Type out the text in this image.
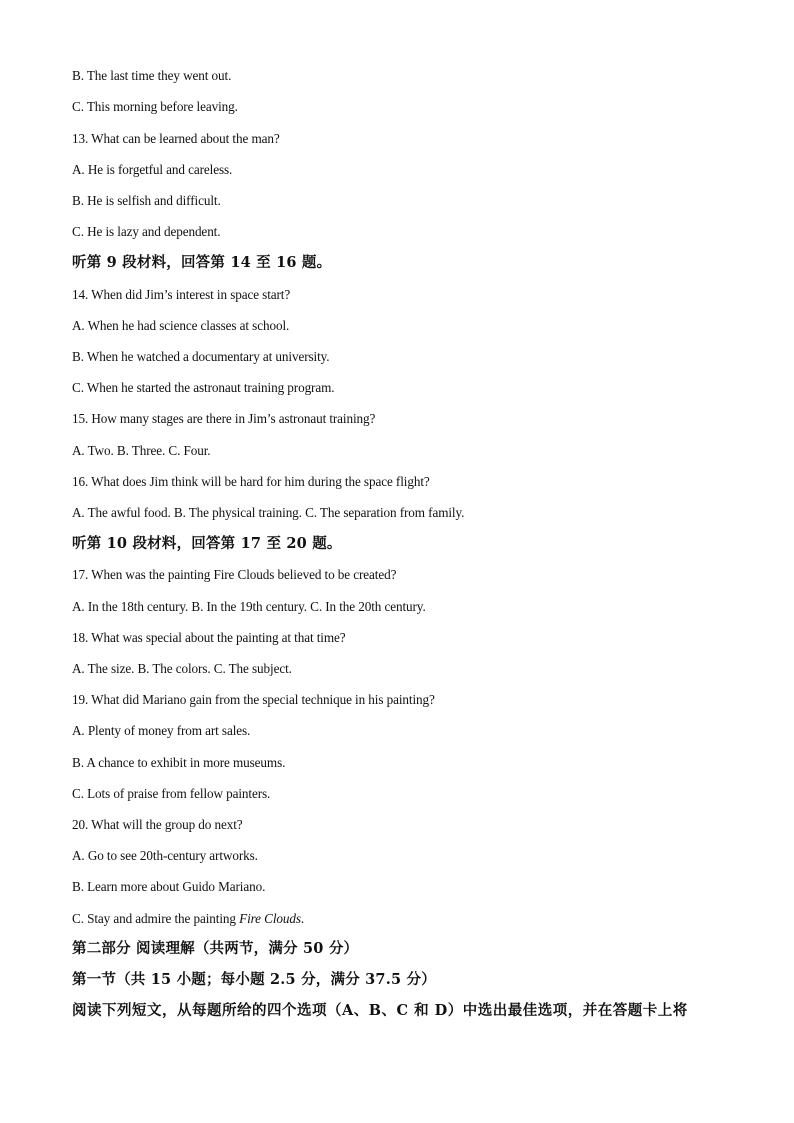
B. The last time they went out.
C. This morning before leaving.
13. What can be learned about the man?
A. He is forgetful and careless.
B. He is selfish and difficult.
C. He is lazy and dependent.
听第 9 段材料，回答第 14 至 16 题。
14. When did Jim’s interest in space start?
A. When he had science classes at school.
B. When he watched a documentary at university.
C. When he started the astronaut training program.
15. How many stages are there in Jim’s astronaut training?
A. Two. B. Three. C. Four.
16. What does Jim think will be hard for him during the space flight?
A. The awful food. B. The physical training. C. The separation from family.
听第 10 段材料，回答第 17 至 20 题。
17. When was the painting Fire Clouds believed to be created?
A. In the 18th century. B. In the 19th century. C. In the 20th century.
18. What was special about the painting at that time?
A. The size. B. The colors. C. The subject.
19. What did Mariano gain from the special technique in his painting?
A. Plenty of money from art sales.
B. A chance to exhibit in more museums.
C. Lots of praise from fellow painters.
20. What will the group do next?
A. Go to see 20th-century artworks.
B. Learn more about Guido Mariano.
C. Stay and admire the painting Fire Clouds.
第二部分 阅读理解（共两节，满分 50 分）
第一节（共 15 小题；每小题 2.5 分，满分 37.5 分）
阅读下列短文，从每题所给的四个选项（A、B、C 和 D）中选出最佳选项，并在答题卡上将
